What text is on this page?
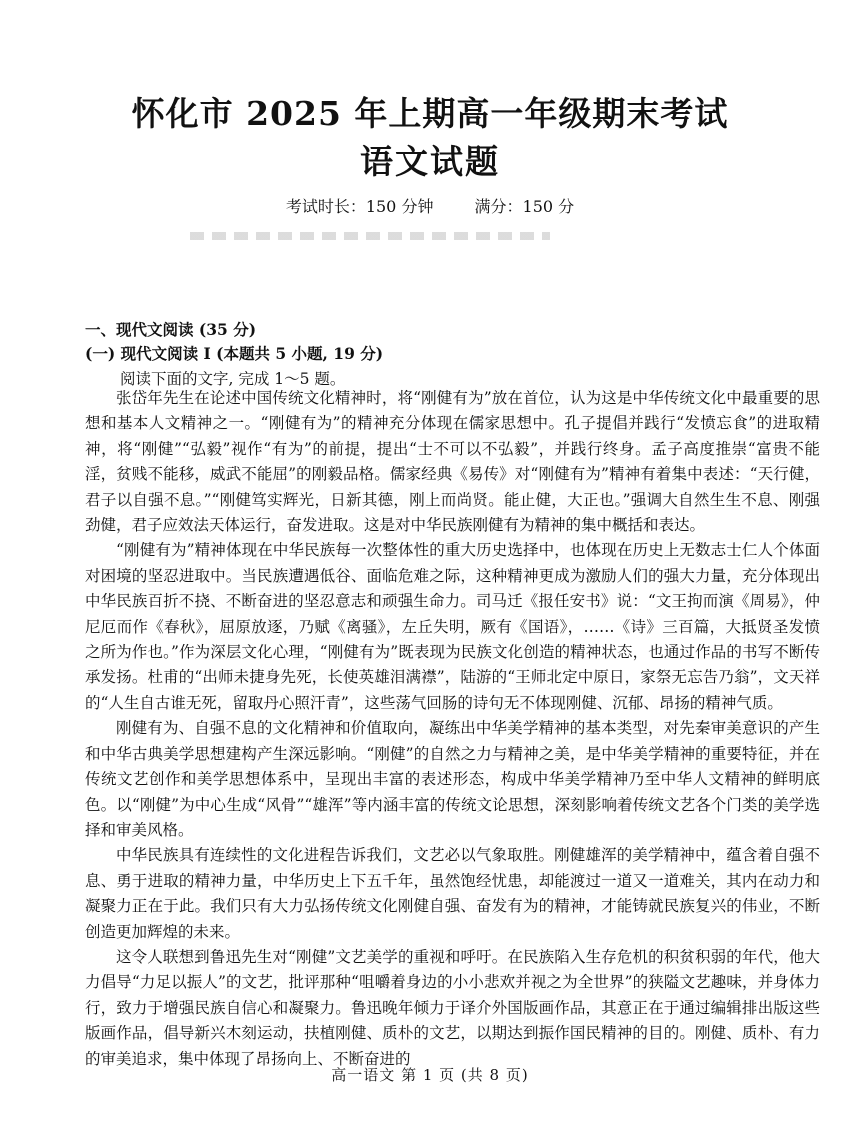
怀化市 2025 年上期高一年级期末考试
语文试题
考试时长：150 分钟	满分：150 分
一、现代文阅读 (35 分)
(一) 现代文阅读 I (本题共 5 小题, 19 分)
阅读下面的文字, 完成 1～5 题。

张岱年先生在论述中国传统文化精神时，将“刚健有为”放在首位，认为这是中华传统文化中最重要的思想和基本人文精神之一。“刚健有为”的精神充分体现在儒家思想中。孔子提倡并践行“发愤忘食”的进取精神，将“刚健”“弘毅”视作“有为”的前提，提出“士不可以不弘毅”，并践行终身。孟子高度推崇“富贵不能淫，贫贱不能移，威武不能屈”的刚毅品格。儒家经典《易传》对“刚健有为”精神有着集中表述：“天行健，君子以自强不息。”“刚健笃实辉光，日新其德，刚上而尚贤。能止健，大正也。”强调大自然生生不息、刚强劲健，君子应效法天体运行，奋发进取。这是对中华民族刚健有为精神的集中概括和表达。

“刚健有为”精神体现在中华民族每一次整体性的重大历史选择中，也体现在历史上无数志士仁人个体面对困境的坚忍进取中。当民族遭遇低谷、面临危难之际，这种精神更成为激励人们的强大力量，充分体现出中华民族百折不挠、不断奋进的坚忍意志和顽强生命力。司马迁《报任安书》说：“文王拘而演《周易》，仲尼厄而作《春秋》，屈原放逐，乃赋《离骚》，左丘失明，厥有《国语》，……《诗》三百篇，大抵贤圣发愤之所为作也。”作为深层文化心理，“刚健有为”既表现为民族文化创造的精神状态，也通过作品的书写不断传承发扬。杜甫的“出师未捷身先死，长使英雄泪满襟”，陆游的“王师北定中原日，家祭无忘告乃翁”，文天祥的“人生自古谁无死，留取丹心照汗青”，这些荡气回肠的诗句无不体现刚健、沉郁、昂扬的精神气质。

刚健有为、自强不息的文化精神和价值取向，凝练出中华美学精神的基本类型，对先秦审美意识的产生和中华古典美学思想建构产生深远影响。“刚健”的自然之力与精神之美，是中华美学精神的重要特征，并在传统文艺创作和美学思想体系中，呈现出丰富的表述形态，构成中华美学精神乃至中华人文精神的鲜明底色。以“刚健”为中心生成“风骨”“雄浑”等内涵丰富的传统文论思想，深刻影响着传统文艺各个门类的美学选择和审美风格。

中华民族具有连续性的文化进程告诉我们，文艺必以气象取胜。刚健雄浑的美学精神中，蕴含着自强不息、勇于进取的精神力量，中华历史上下五千年，虽然饱经忧患，却能渡过一道又一道难关，其内在动力和凝聚力正在于此。我们只有大力弘扬传统文化刚健自强、奋发有为的精神，才能铸就民族复兴的伟业，不断创造更加辉煌的未来。

这令人联想到鲁迅先生对“刚健”文艺美学的重视和呼吁。在民族陷入生存危机的积贫积弱的年代，他大力倡导“力足以振人”的文艺，批评那种“咀嚼着身边的小小悲欢并视之为全世界”的狭隘文艺趣味，并身体力行，致力于增强民族自信心和凝聚力。鲁迅晚年倾力于译介外国版画作品，其意正在于通过编辑排出版这些版画作品，倡导新兴木刻运动，扶植刚健、质朴的文艺，以期达到振作国民精神的目的。刚健、质朴、有力的审美追求，集中体现了昂扬向上、不断奋进的

高一语文 第 1 页 (共 8 页)
